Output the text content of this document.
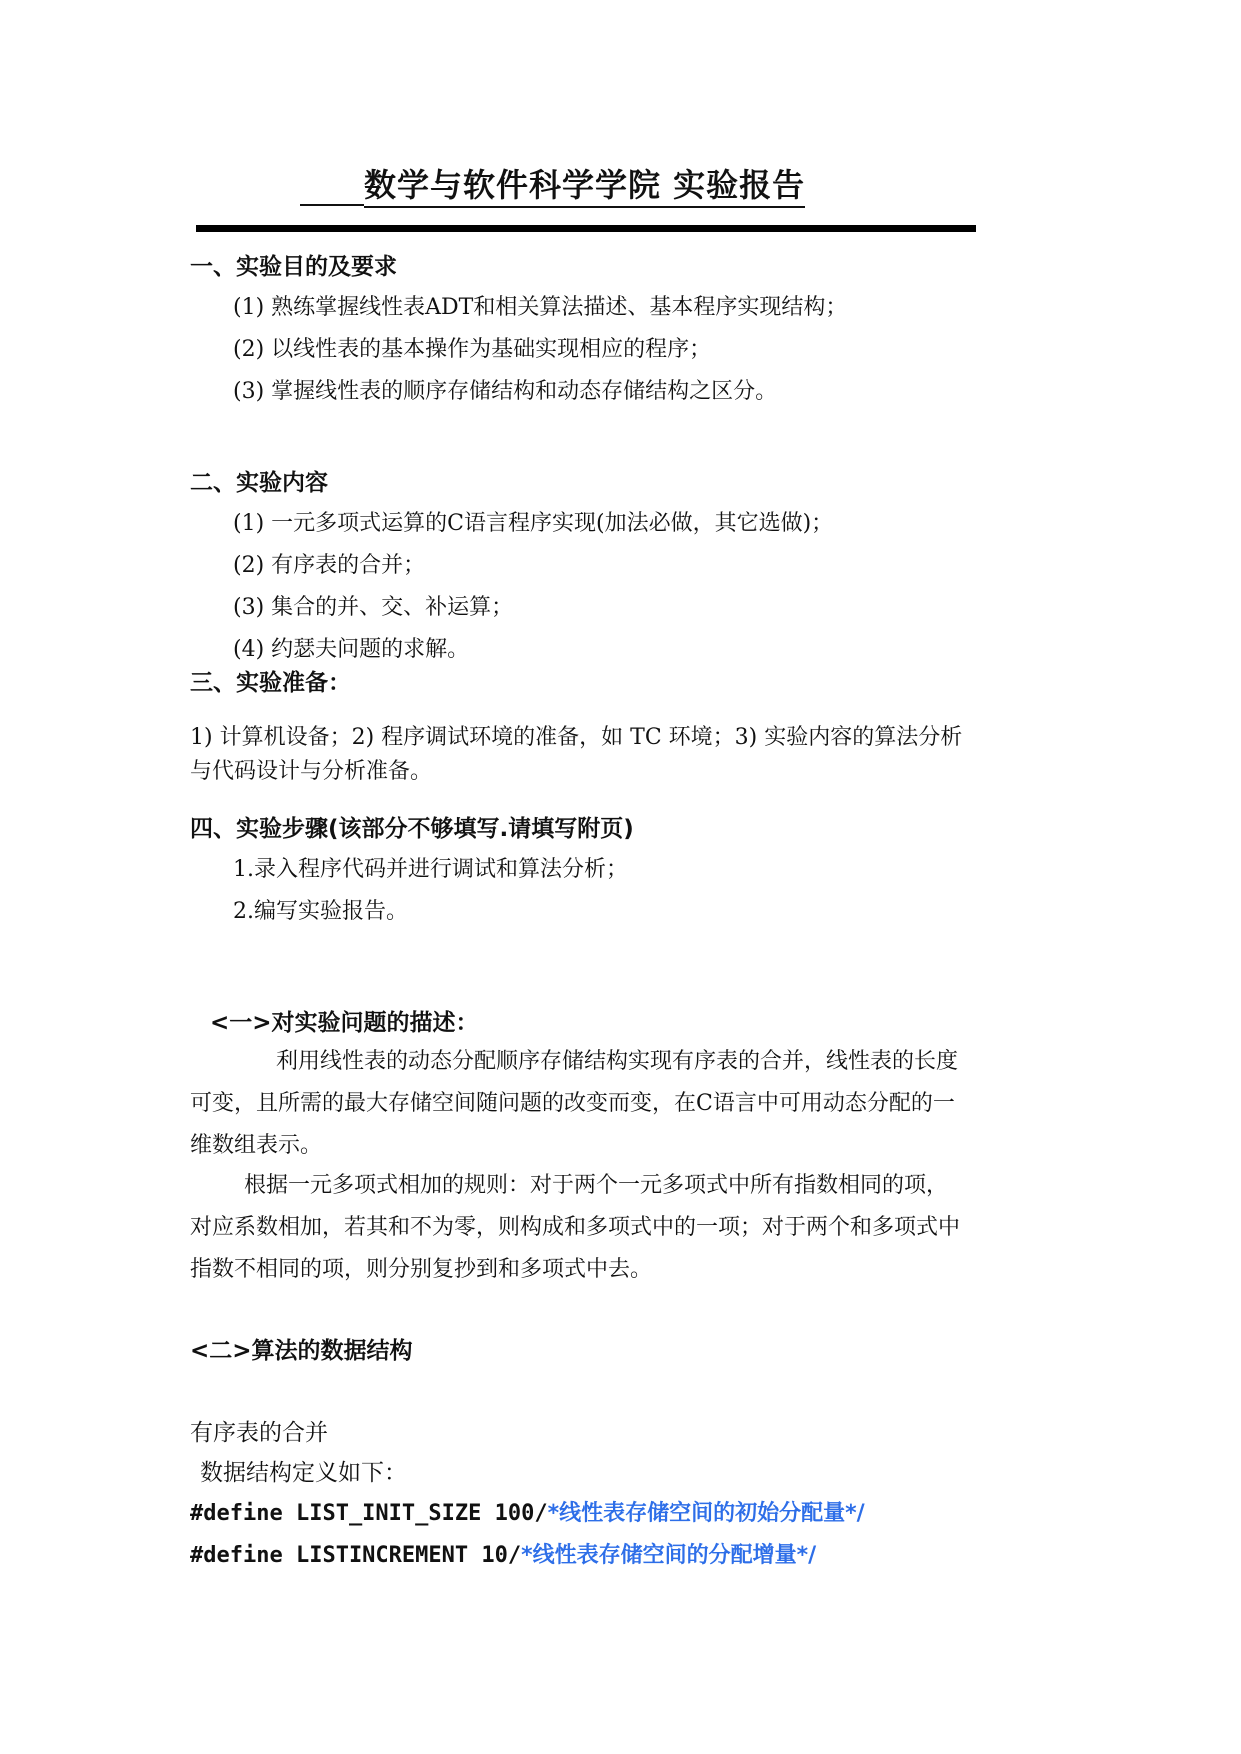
数学与软件科学学院 实验报告
一、实验目的及要求
(1) 熟练掌握线性表ADT和相关算法描述、基本程序实现结构；
(2) 以线性表的基本操作为基础实现相应的程序；
(3) 掌握线性表的顺序存储结构和动态存储结构之区分。
二、实验内容
(1) 一元多项式运算的C语言程序实现(加法必做，其它选做)；
(2) 有序表的合并；
(3) 集合的并、交、补运算；
(4) 约瑟夫问题的求解。
三、实验准备：
1) 计算机设备；2) 程序调试环境的准备，如 TC 环境；3) 实验内容的算法分析
与代码设计与分析准备。
四、实验步骤(该部分不够填写.请填写附页)
1.录入程序代码并进行调试和算法分析；
2.编写实验报告。
<一>对实验问题的描述：
利用线性表的动态分配顺序存储结构实现有序表的合并，线性表的长度
可变，且所需的最大存储空间随问题的改变而变，在C语言中可用动态分配的一
维数组表示。
根据一元多项式相加的规则：对于两个一元多项式中所有指数相同的项，
对应系数相加，若其和不为零，则构成和多项式中的一项；对于两个和多项式中
指数不相同的项，则分别复抄到和多项式中去。
<二>算法的数据结构
有序表的合并
数据结构定义如下：
#define LIST_INIT_SIZE 100/*线性表存储空间的初始分配量*/
#define LISTINCREMENT 10/*线性表存储空间的分配增量*/
